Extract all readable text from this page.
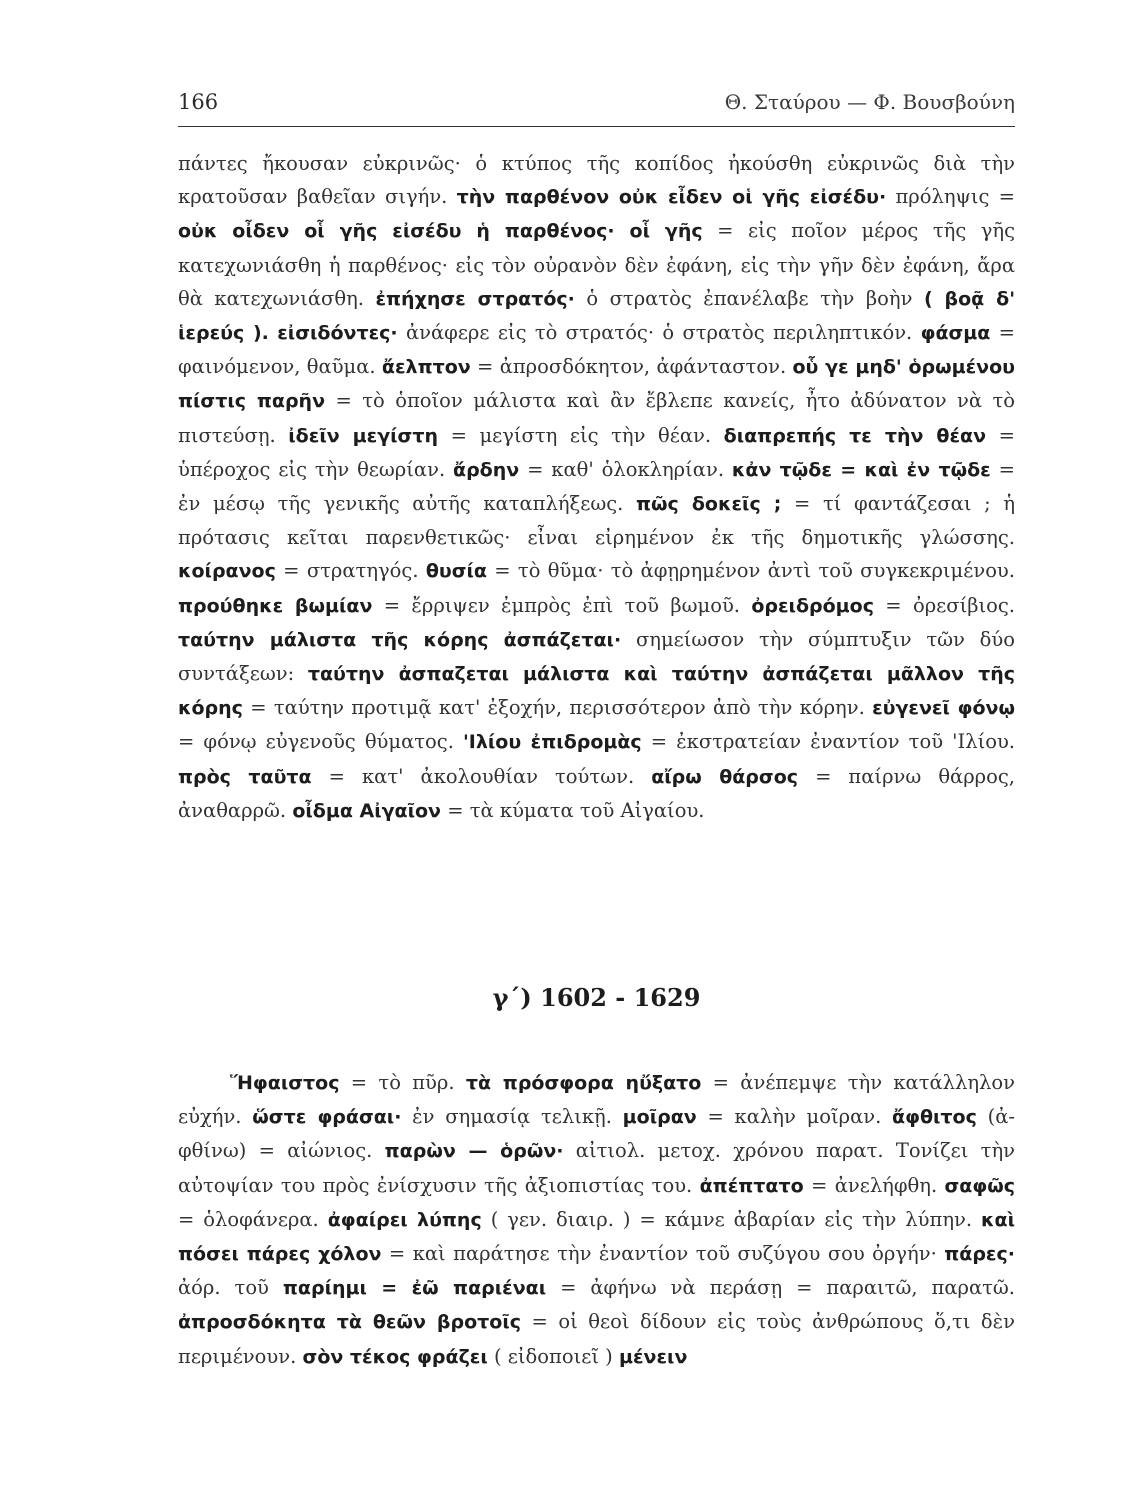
166	Θ. Σταύρου — Φ. Βουσβούνη

πάντες ἤκουσαν εὐκρινῶς· ὁ κτύπος τῆς κοπίδος ἠκούσθη εὐκρινῶς διὰ τὴν κρατοῦσαν βαθεῖαν σιγήν. τὴν παρθένον οὐκ εἶδεν οἱ γῆς εἰσέδυ· πρόληψις = οὐκ οἶδεν οἷ γῆς εἰσέδυ ἡ παρθένος· οἷ γῆς = εἰς ποῖον μέρος τῆς γῆς κατεχωνιάσθη ἡ παρθένος· εἰς τὸν οὐρανὸν δὲν ἐφάνη, εἰς τὴν γῆν δὲν ἐφάνη, ἄρα θὰ κατεχωνιάσθη. ἐπήχησε στρατός· ὁ στρατὸς ἐπανέλαβε τὴν βοὴν ( βοᾷ δ' ἱερεύς ). εἰσιδόντες· ἀνάφερε εἰς τὸ στρατός· ὁ στρατὸς περιληπτικόν. φάσμα = φαινόμενον, θαῦμα. ἄελπτον = ἀπροσδόκητον, ἀφάνταστον. οὗ γε μηδ' ὁρωμένου πίστις παρῆν = τὸ ὁποῖον μάλιστα καὶ ἂν ἔβλεπε κανείς, ἦτο ἀδύνατον νὰ τὸ πιστεύσῃ. ἰδεῖν μεγίστη = μεγίστη εἰς τὴν θέαν. διαπρεπής τε τὴν θέαν = ὑπέροχος εἰς τὴν θεωρίαν. ἄρδην = καθ' ὁλοκληρίαν. κἀν τῷδε = καὶ ἐν τῷδε = ἐν μέσῳ τῆς γενικῆς αὐτῆς καταπλήξεως. πῶς δοκεῖς ; = τί φαντάζεσαι ; ἡ πρότασις κεῖται παρενθετικῶς· εἶναι εἰρημένον ἐκ τῆς δημοτικῆς γλώσσης. κοίρανος = στρατηγός. θυσία = τὸ θῦμα· τὸ ἀφῃρημένον ἀντὶ τοῦ συγκεκριμένου. προύθηκε βωμίαν = ἔρριψεν ἐμπρὸς ἐπὶ τοῦ βωμοῦ. ὀρειδρόμος = ὀρεσίβιος. ταύτην μάλιστα τῆς κόρης ἀσπάζεται· σημείωσον τὴν σύμπτυξιν τῶν δύο συντάξεων: ταύτην ἀσπαζεται μάλιστα καὶ ταύτην ἀσπάζεται μᾶλλον τῆς κόρης = ταύτην προτιμᾷ κατ' ἐξοχήν, περισσότερον ἀπὸ τὴν κόρην. εὐγενεῖ φόνῳ = φόνῳ εὐγενοῦς θύματος. 'Ιλίου ἐπιδρομὰς = ἐκστρατείαν ἐναντίον τοῦ 'Ιλίου. πρὸς ταῦτα = κατ' ἀκολουθίαν τούτων. αἴρω θάρσος = παίρνω θάρρος, ἀναθαρρῶ. οἶδμα Αἰγαῖον = τὰ κύματα τοῦ Αἰγαίου.

γ΄) 1602 - 1629

Ἥφαιστος = τὸ πῦρ. τὰ πρόσφορα ηὔξατο = ἀνέπεμψε τὴν κατάλληλον εὐχήν. ὥστε φράσαι· ἐν σημασίᾳ τελικῇ. μοῖραν = καλὴν μοῖραν. ἄφθιτος (ἀ-φθίνω) = αἰώνιος. παρὼν — ὁρῶν· αἰτιολ. μετοχ. χρόνου παρατ. Τονίζει τὴν αὐτοψίαν του πρὸς ἐνίσχυσιν τῆς ἀξιοπιστίας του. ἀπέπτατο = ἀνελήφθη. σαφῶς = ὁλοφάνερα. ἀφαίρει λύπης ( γεν. διαιρ. ) = κάμνε ἀβαρίαν εἰς τὴν λύπην. καὶ πόσει πάρες χόλον = καὶ παράτησε τὴν ἐναντίον τοῦ συζύγου σου ὀργήν· πάρες· ἀόρ. τοῦ παρίημι = ἐῶ παριέναι = ἀφήνω νὰ περάσῃ = παραιτῶ, παρατῶ. ἀπροσδόκητα τὰ θεῶν βροτοῖς = οἱ θεοὶ δίδουν εἰς τοὺς ἀνθρώπους ὅ,τι δὲν περιμένουν. σὸν τέκος φράζει ( εἰδοποιεῖ ) μένειν
